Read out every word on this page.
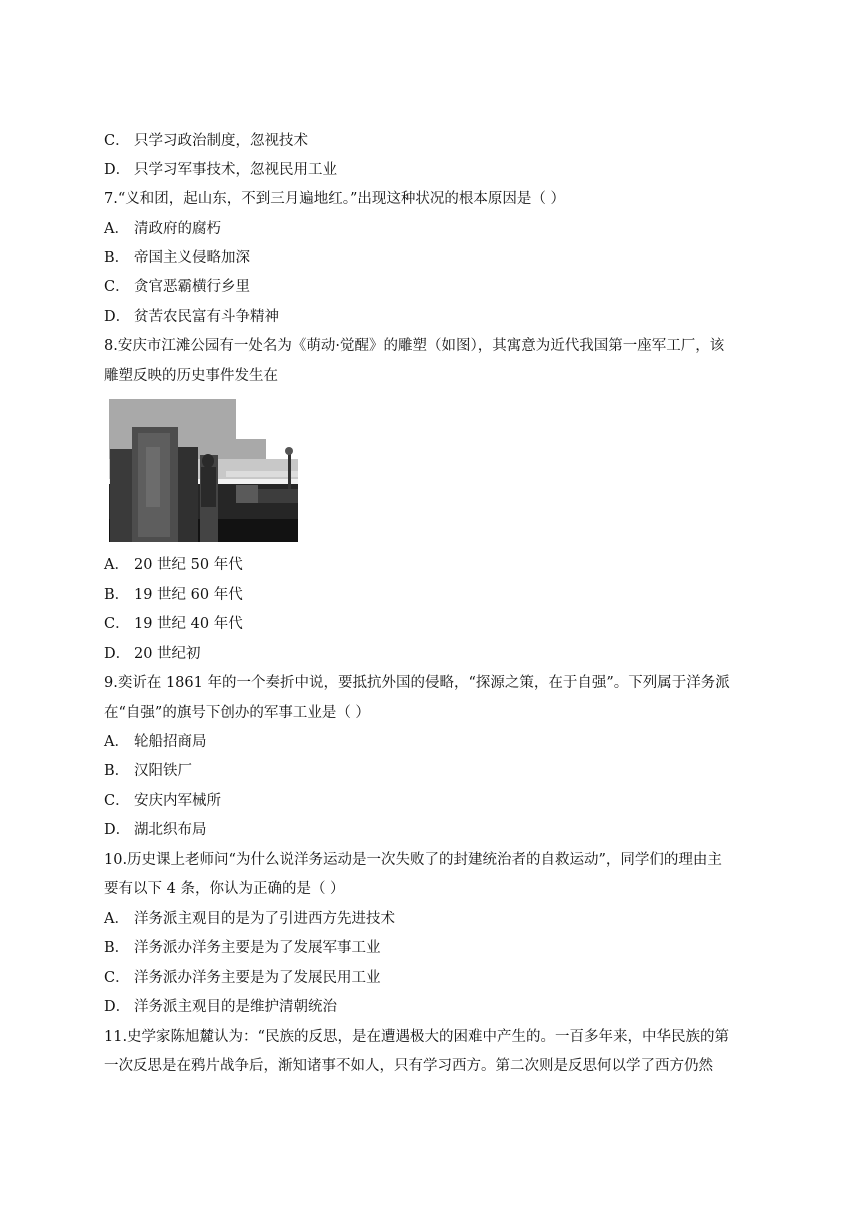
C． 只学习政治制度，忽视技术
D． 只学习军事技术，忽视民用工业
7.“义和团，起山东，不到三月遍地红。”出现这种状况的根本原因是（ ）
A． 清政府的腐朽
B． 帝国主义侵略加深
C． 贪官恶霸横行乡里
D． 贫苦农民富有斗争精神
8.安庆市江滩公园有一处名为《萌动·觉醒》的雕塑（如图），其寓意为近代我国第一座军工厂，该
雕塑反映的历史事件发生在
A． 20 世纪 50 年代
B． 19 世纪 60 年代
C． 19 世纪 40 年代
D． 20 世纪初
9.奕䜣在 1861 年的一个奏折中说，要抵抗外国的侵略，“探源之策，在于自强”。下列属于洋务派
在“自强”的旗号下创办的军事工业是（ ）
A． 轮船招商局
B． 汉阳铁厂
C． 安庆内军械所
D． 湖北织布局
10.历史课上老师问“为什么说洋务运动是一次失败了的封建统治者的自救运动”，同学们的理由主
要有以下 4 条，你认为正确的是（ ）
A． 洋务派主观目的是为了引进西方先进技术
B． 洋务派办洋务主要是为了发展军事工业
C． 洋务派办洋务主要是为了发展民用工业
D． 洋务派主观目的是维护清朝统治
11.史学家陈旭麓认为：“民族的反思，是在遭遇极大的困难中产生的。一百多年来，中华民族的第
一次反思是在鸦片战争后，渐知诸事不如人，只有学习西方。第二次则是反思何以学了西方仍然
